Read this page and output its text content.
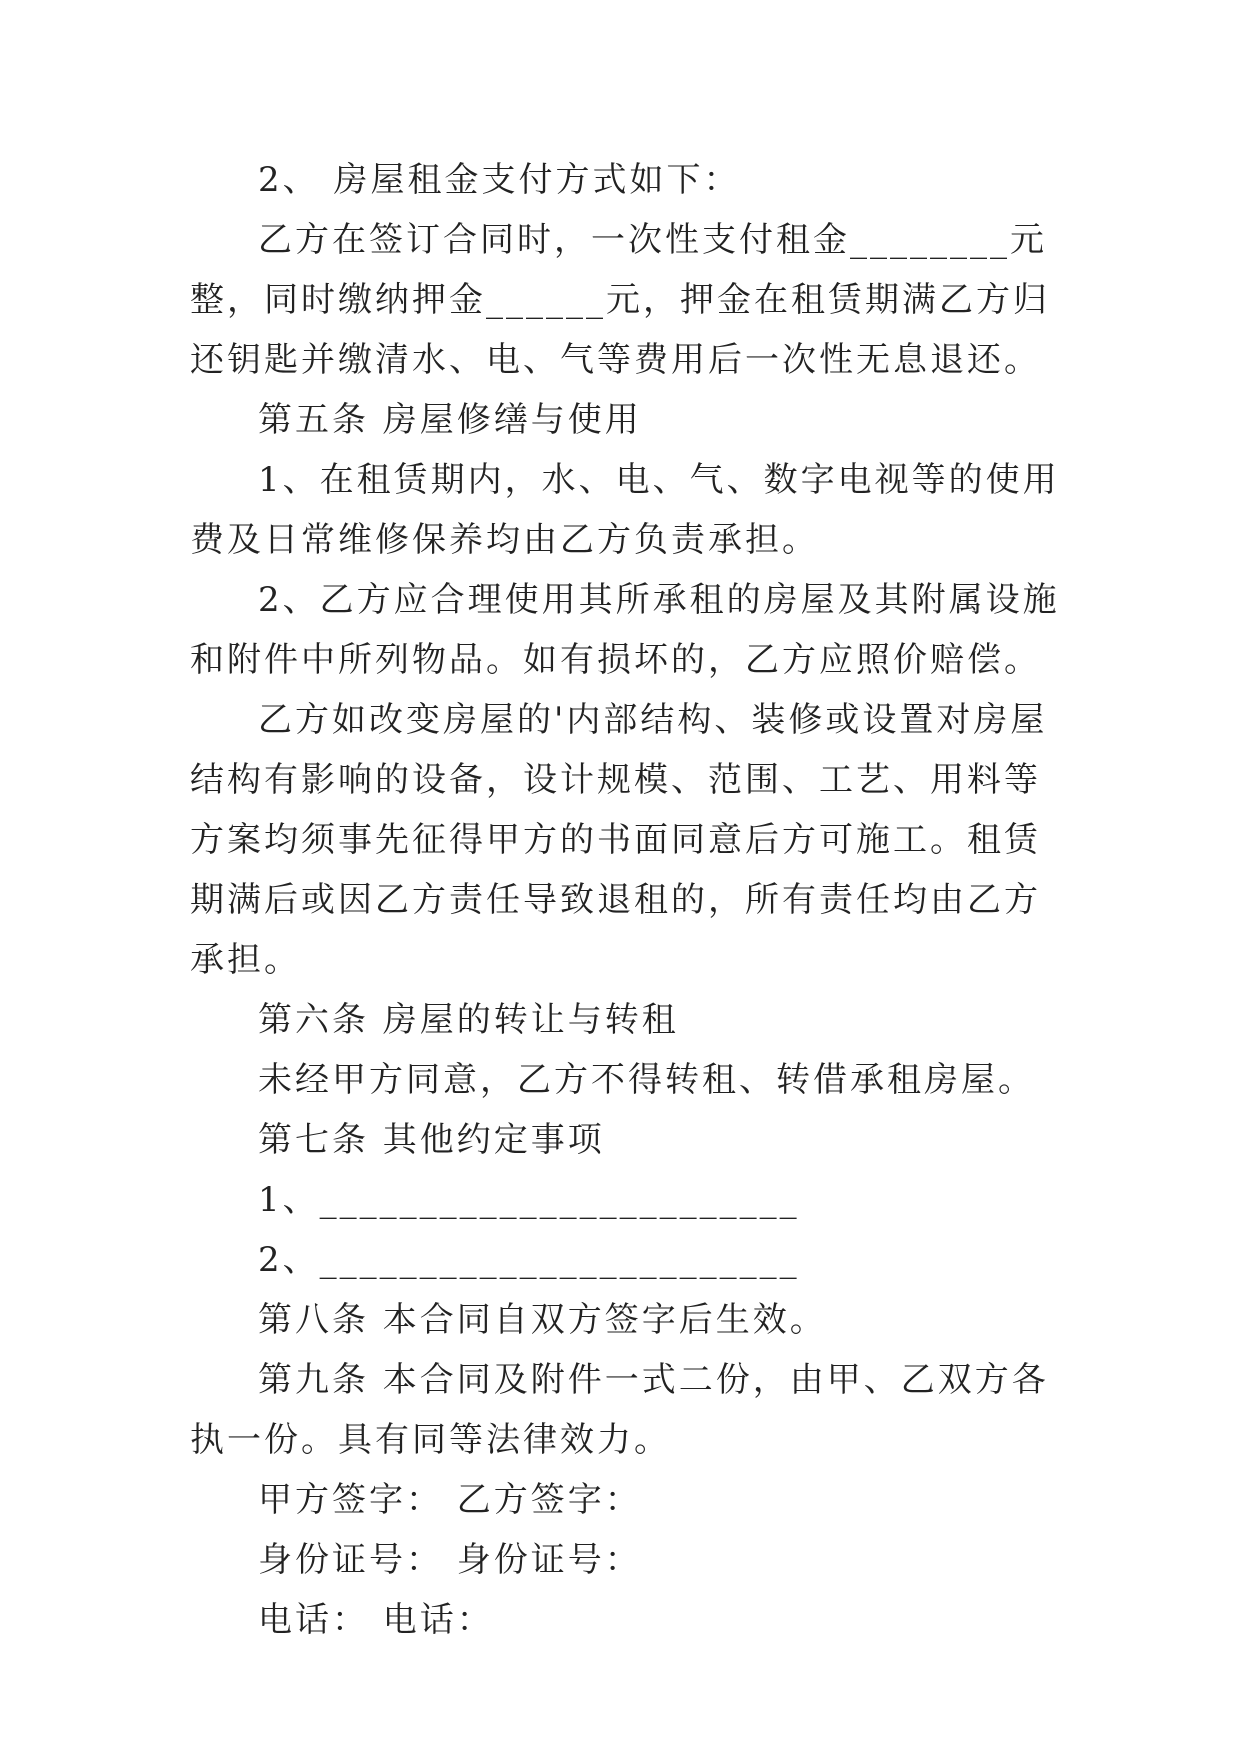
2、 房屋租金支付方式如下：

乙方在签订合同时，一次性支付租金________元整，同时缴纳押金______元，押金在租赁期满乙方归还钥匙并缴清水、电、气等费用后一次性无息退还。

第五条 房屋修缮与使用

1、在租赁期内，水、电、气、数字电视等的使用费及日常维修保养均由乙方负责承担。

2、乙方应合理使用其所承租的房屋及其附属设施和附件中所列物品。如有损坏的，乙方应照价赔偿。

乙方如改变房屋的'内部结构、装修或设置对房屋结构有影响的设备，设计规模、范围、工艺、用料等方案均须事先征得甲方的书面同意后方可施工。租赁期满后或因乙方责任导致退租的，所有责任均由乙方承担。

第六条 房屋的转让与转租

未经甲方同意，乙方不得转租、转借承租房屋。

第七条 其他约定事项

1、________________________

2、________________________

第八条 本合同自双方签字后生效。

第九条 本合同及附件一式二份，由甲、乙双方各执一份。具有同等法律效力。

甲方签字： 乙方签字：

身份证号： 身份证号：

电话： 电话：
